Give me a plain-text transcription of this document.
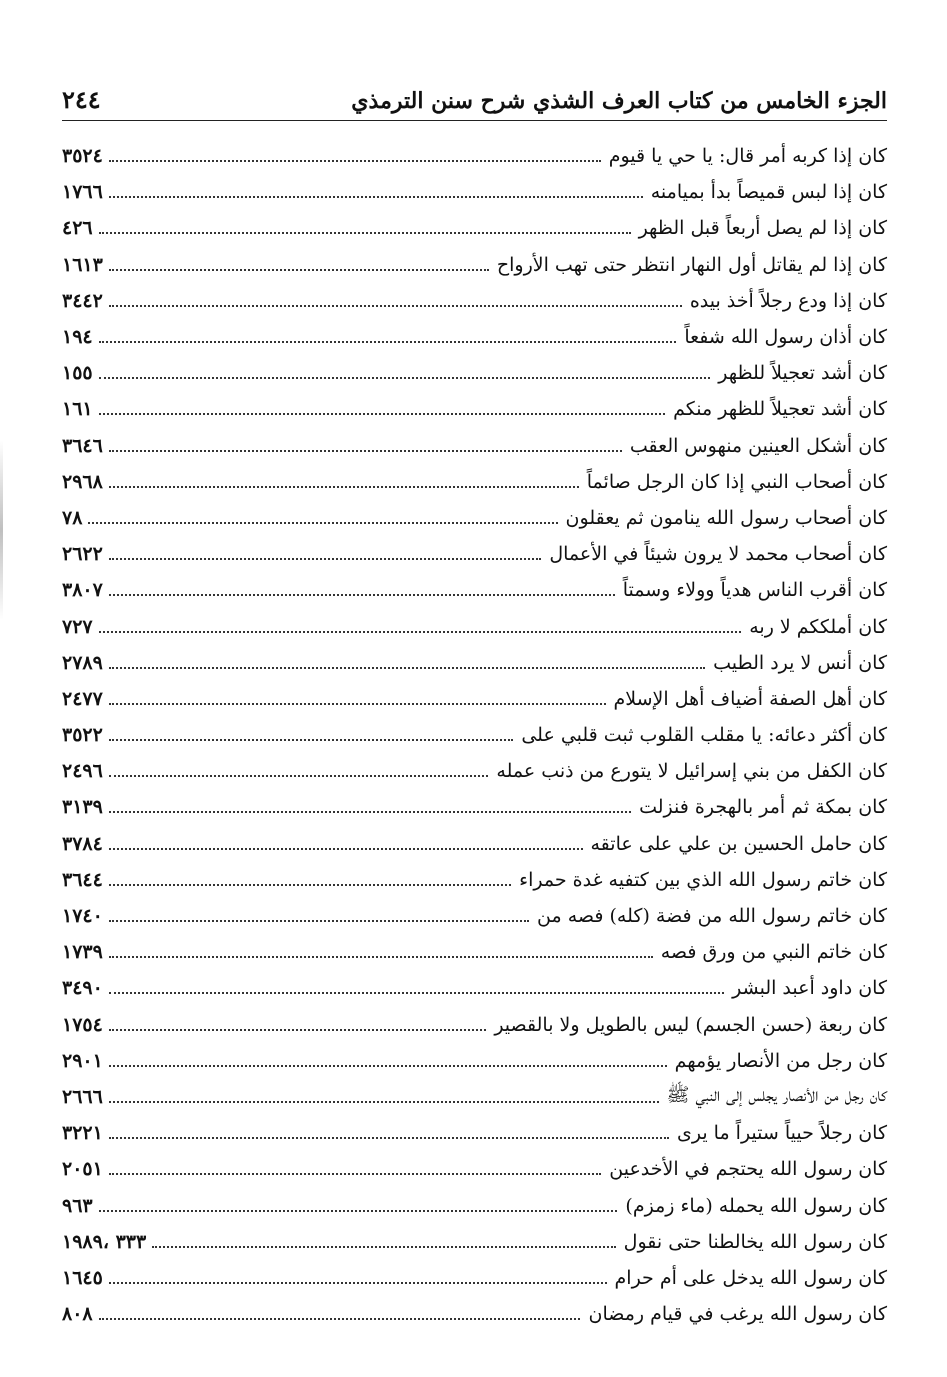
الجزء الخامس من كتاب العرف الشذي شرح سنن الترمذي
٢٤٤
كان إذا كربه أمر قال: يا حي يا قيوم
٣٥٢٤
كان إذا لبس قميصاً بدأ بميامنه
١٧٦٦
كان إذا لم يصل أربعاً قبل الظهر
٤٢٦
كان إذا لم يقاتل أول النهار انتظر حتى تهب الأرواح
١٦١٣
كان إذا ودع رجلاً أخذ بيده
٣٤٤٢
كان أذان رسول الله شفعاً
١٩٤
كان أشد تعجيلاً للظهر
١٥٥
كان أشد تعجيلاً للظهر منكم
١٦١
كان أشكل العينين منهوس العقب
٣٦٤٦
كان أصحاب النبي إذا كان الرجل صائماً
٢٩٦٨
كان أصحاب رسول الله ينامون ثم يعقلون
٧٨
كان أصحاب محمد لا يرون شيئاً في الأعمال
٢٦٢٢
كان أقرب الناس هدياً وولاء وسمتاً
٣٨٠٧
كان أملككم لا ربه
٧٢٧
كان أنس لا يرد الطيب
٢٧٨٩
كان أهل الصفة أضياف أهل الإسلام
٢٤٧٧
كان أكثر دعائه: يا مقلب القلوب ثبت قلبي على
٣٥٢٢
كان الكفل من بني إسرائيل لا يتورع من ذنب عمله
٢٤٩٦
كان بمكة ثم أمر بالهجرة فنزلت
٣١٣٩
كان حامل الحسين بن علي على عاتقه
٣٧٨٤
كان خاتم رسول الله الذي بين كتفيه غدة حمراء
٣٦٤٤
كان خاتم رسول الله من فضة (كله) فصه من
١٧٤٠
كان خاتم النبي من ورق فصه
١٧٣٩
كان داود أعبد البشر
٣٤٩٠
كان ربعة (حسن الجسم) ليس بالطويل ولا بالقصير
١٧٥٤
كان رجل من الأنصار يؤمهم
٢٩٠١
كان رجل من الأنصار يجلس إلى النبي ﷺ
٢٦٦٦
كان رجلاً حيياً ستيراً ما يرى
٣٢٢١
كان رسول الله يحتجم في الأخدعين
٢٠٥١
كان رسول الله يحمله (ماء زمزم)
٩٦٣
كان رسول الله يخالطنا حتى نقول
٣٣٣ ،١٩٨٩
كان رسول الله يدخل على أم حرام
١٦٤٥
كان رسول الله يرغب في قيام رمضان
٨٠٨
